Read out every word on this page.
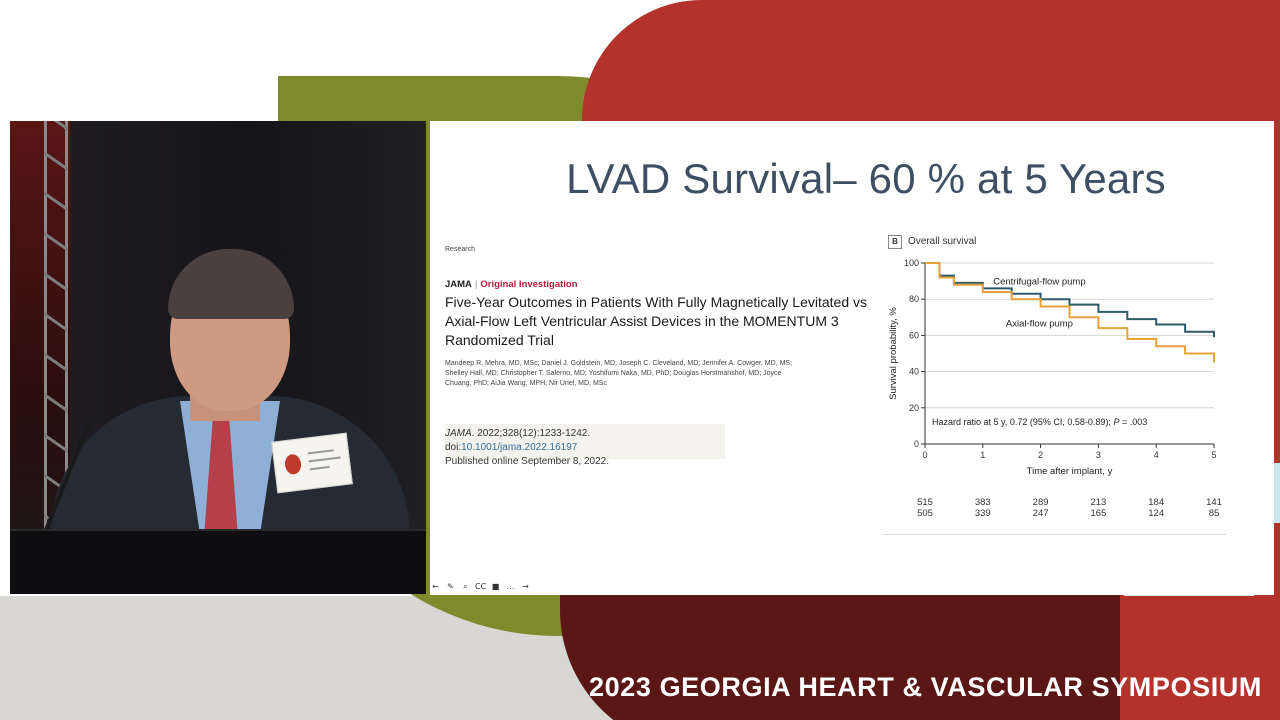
LVAD Survival– 60 % at 5 Years
Research
JAMA | Original Investigation
Five-Year Outcomes in Patients With Fully Magnetically Levitated vs Axial-Flow Left Ventricular Assist Devices in the MOMENTUM 3 Randomized Trial
Mandeep R. Mehra, MD, MSc; Daniel J. Goldstein, MD; Joseph C. Cleveland, MD; Jennifer A. Cowger, MD, MS; Shelley Hall, MD; Christopher T. Salerno, MD; Yoshifumi Naka, MD, PhD; Douglas Horstmanshof, MD; Joyce Chuang, PhD; AiJia Wang, MPH; Nir Uriel, MD, MSc
JAMA. 2022;328(12):1233-1242. doi:10.1001/jama.2022.16197
Published online September 8, 2022.
B	Overall survival
0
20
40
60
80
100
0	1	2	3	4	5
Time after implant, y
Survival probability, %
Centrifugal-flow pump
Axial-flow pump
Hazard ratio at 5 y, 0.72 (95% CI, 0.58-0.89); P = .003
515	383	289	213	184	141
505	339	247	165	124	85
← ✎	⌕ CC ■ … →
2023 GEORGIA HEART & VASCULAR SYMPOSIUM
